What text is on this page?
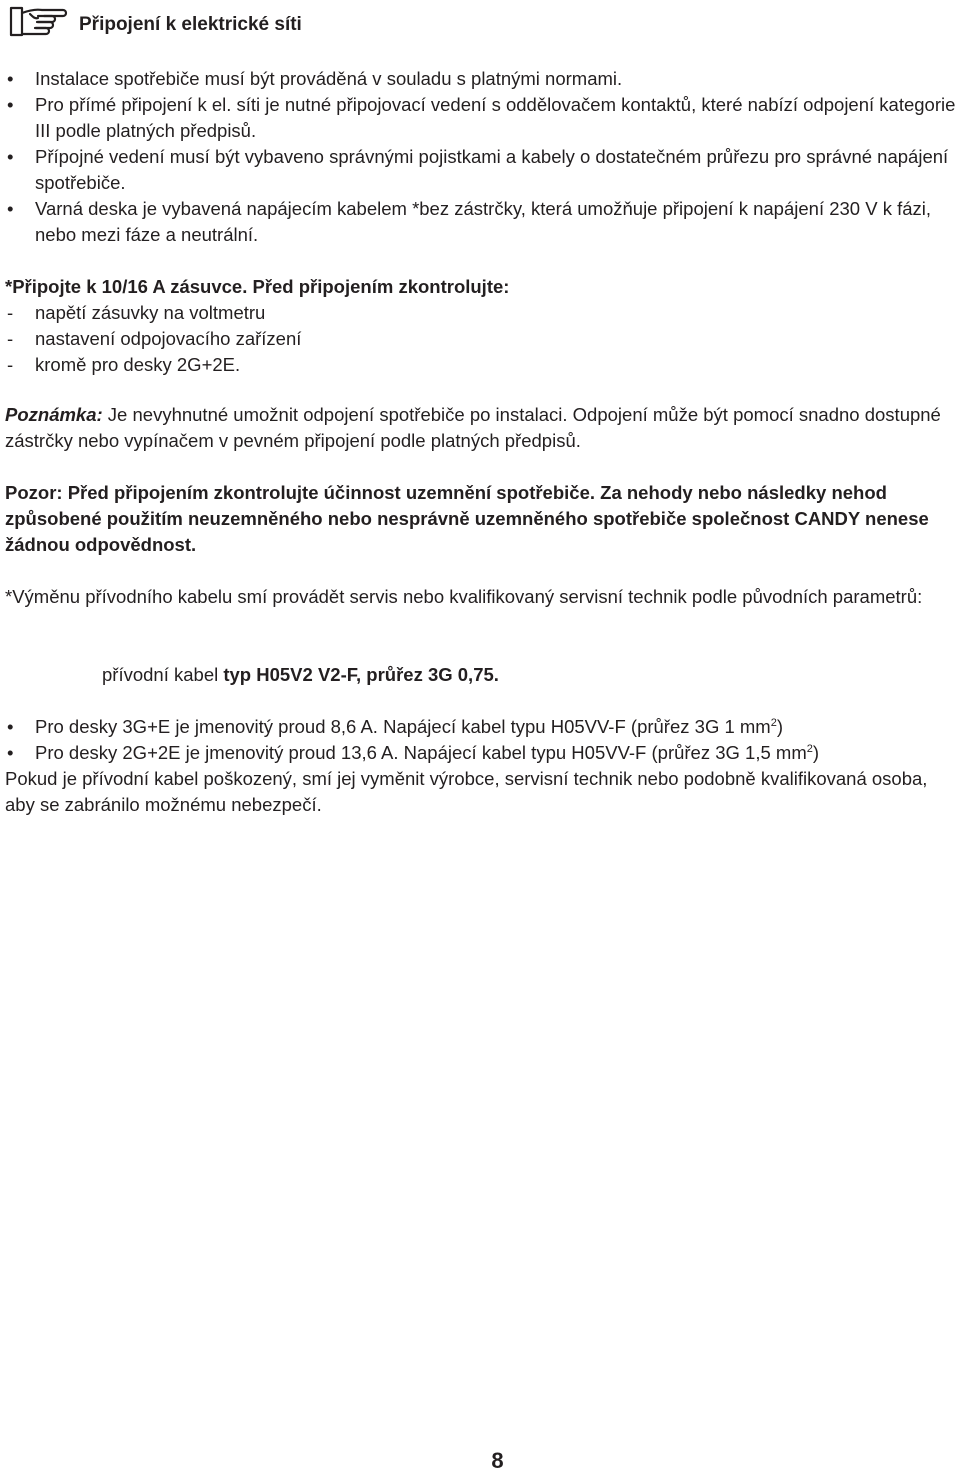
Připojení k elektrické síti
• Instalace spotřebiče musí být prováděná v souladu s platnými normami.
• Pro přímé připojení k el. síti je nutné připojovací vedení s oddělovačem kontaktů, které nabízí odpojení kategorie III podle platných předpisů.
• Přípojné vedení musí být vybaveno správnými pojistkami a kabely o dostatečném průřezu pro správné napájení spotřebiče.
• Varná deska je vybavená napájecím kabelem *bez zástrčky, která umožňuje připojení k napájení 230 V k fázi, nebo mezi fáze a neutrální.

*Připojte k 10/16 A zásuvce. Před připojením zkontrolujte:

- napětí zásuvky na voltmetru
- nastavení odpojovacího zařízení
- kromě pro desky 2G+2E.

Poznámka: Je nevyhnutné umožnit odpojení spotřebiče po instalaci. Odpojení může být pomocí snadno dostupné zástrčky nebo vypínačem v pevném připojení podle platných předpisů.

Pozor: Před připojením zkontrolujte účinnost uzemnění spotřebiče. Za nehody nebo následky nehod způsobené použitím neuzemněného nebo nesprávně uzemněného spotřebiče společnost CANDY nenese žádnou odpovědnost.

*Výměnu přívodního kabelu smí provádět servis nebo kvalifikovaný servisní technik podle původních parametrů:

přívodní kabel typ H05V2 V2-F, průřez 3G 0,75.
• Pro desky 3G+E je jmenovitý proud 8,6 A. Napájecí kabel typu H05VV-F (průřez 3G 1 $mm^2$)
• Pro desky 2G+2E je jmenovitý proud 13,6 A. Napájecí kabel typu H05VV-F (průřez 3G 1,5 $mm^2$)

Pokud je přívodní kabel poškozený, smí jej vyměnit výrobce, servisní technik nebo podobně kvalifikovaná osoba, aby se zabránilo možnému nebezpečí.

8
